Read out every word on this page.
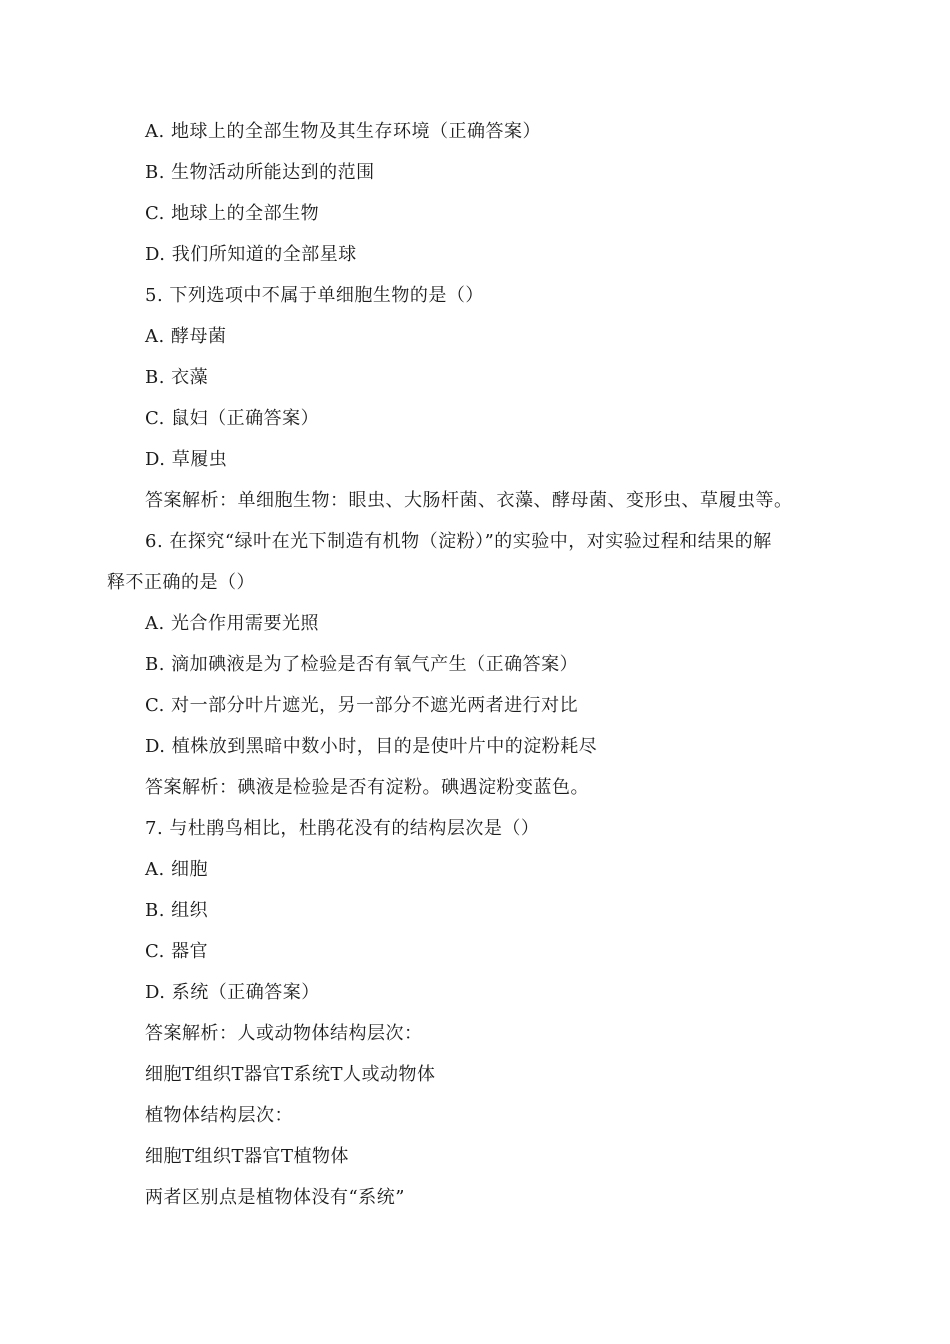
A. 地球上的全部生物及其生存环境（正确答案）
B. 生物活动所能达到的范围
C. 地球上的全部生物
D. 我们所知道的全部星球
5. 下列选项中不属于单细胞生物的是（）
A. 酵母菌
B. 衣藻
C. 鼠妇（正确答案）
D. 草履虫
答案解析：单细胞生物：眼虫、大肠杆菌、衣藻、酵母菌、变形虫、草履虫等。
6. 在探究“绿叶在光下制造有机物（淀粉）”的实验中，对实验过程和结果的解
释不正确的是（）
A. 光合作用需要光照
B. 滴加碘液是为了检验是否有氧气产生（正确答案）
C. 对一部分叶片遮光，另一部分不遮光两者进行对比
D. 植株放到黑暗中数小时，目的是使叶片中的淀粉耗尽
答案解析：碘液是检验是否有淀粉。碘遇淀粉变蓝色。
7. 与杜鹃鸟相比，杜鹃花没有的结构层次是（）
A. 细胞
B. 组织
C. 器官
D. 系统（正确答案）
答案解析：人或动物体结构层次：
细胞T组织T器官T系统T人或动物体
植物体结构层次：
细胞T组织T器官T植物体
两者区别点是植物体没有“系统”
